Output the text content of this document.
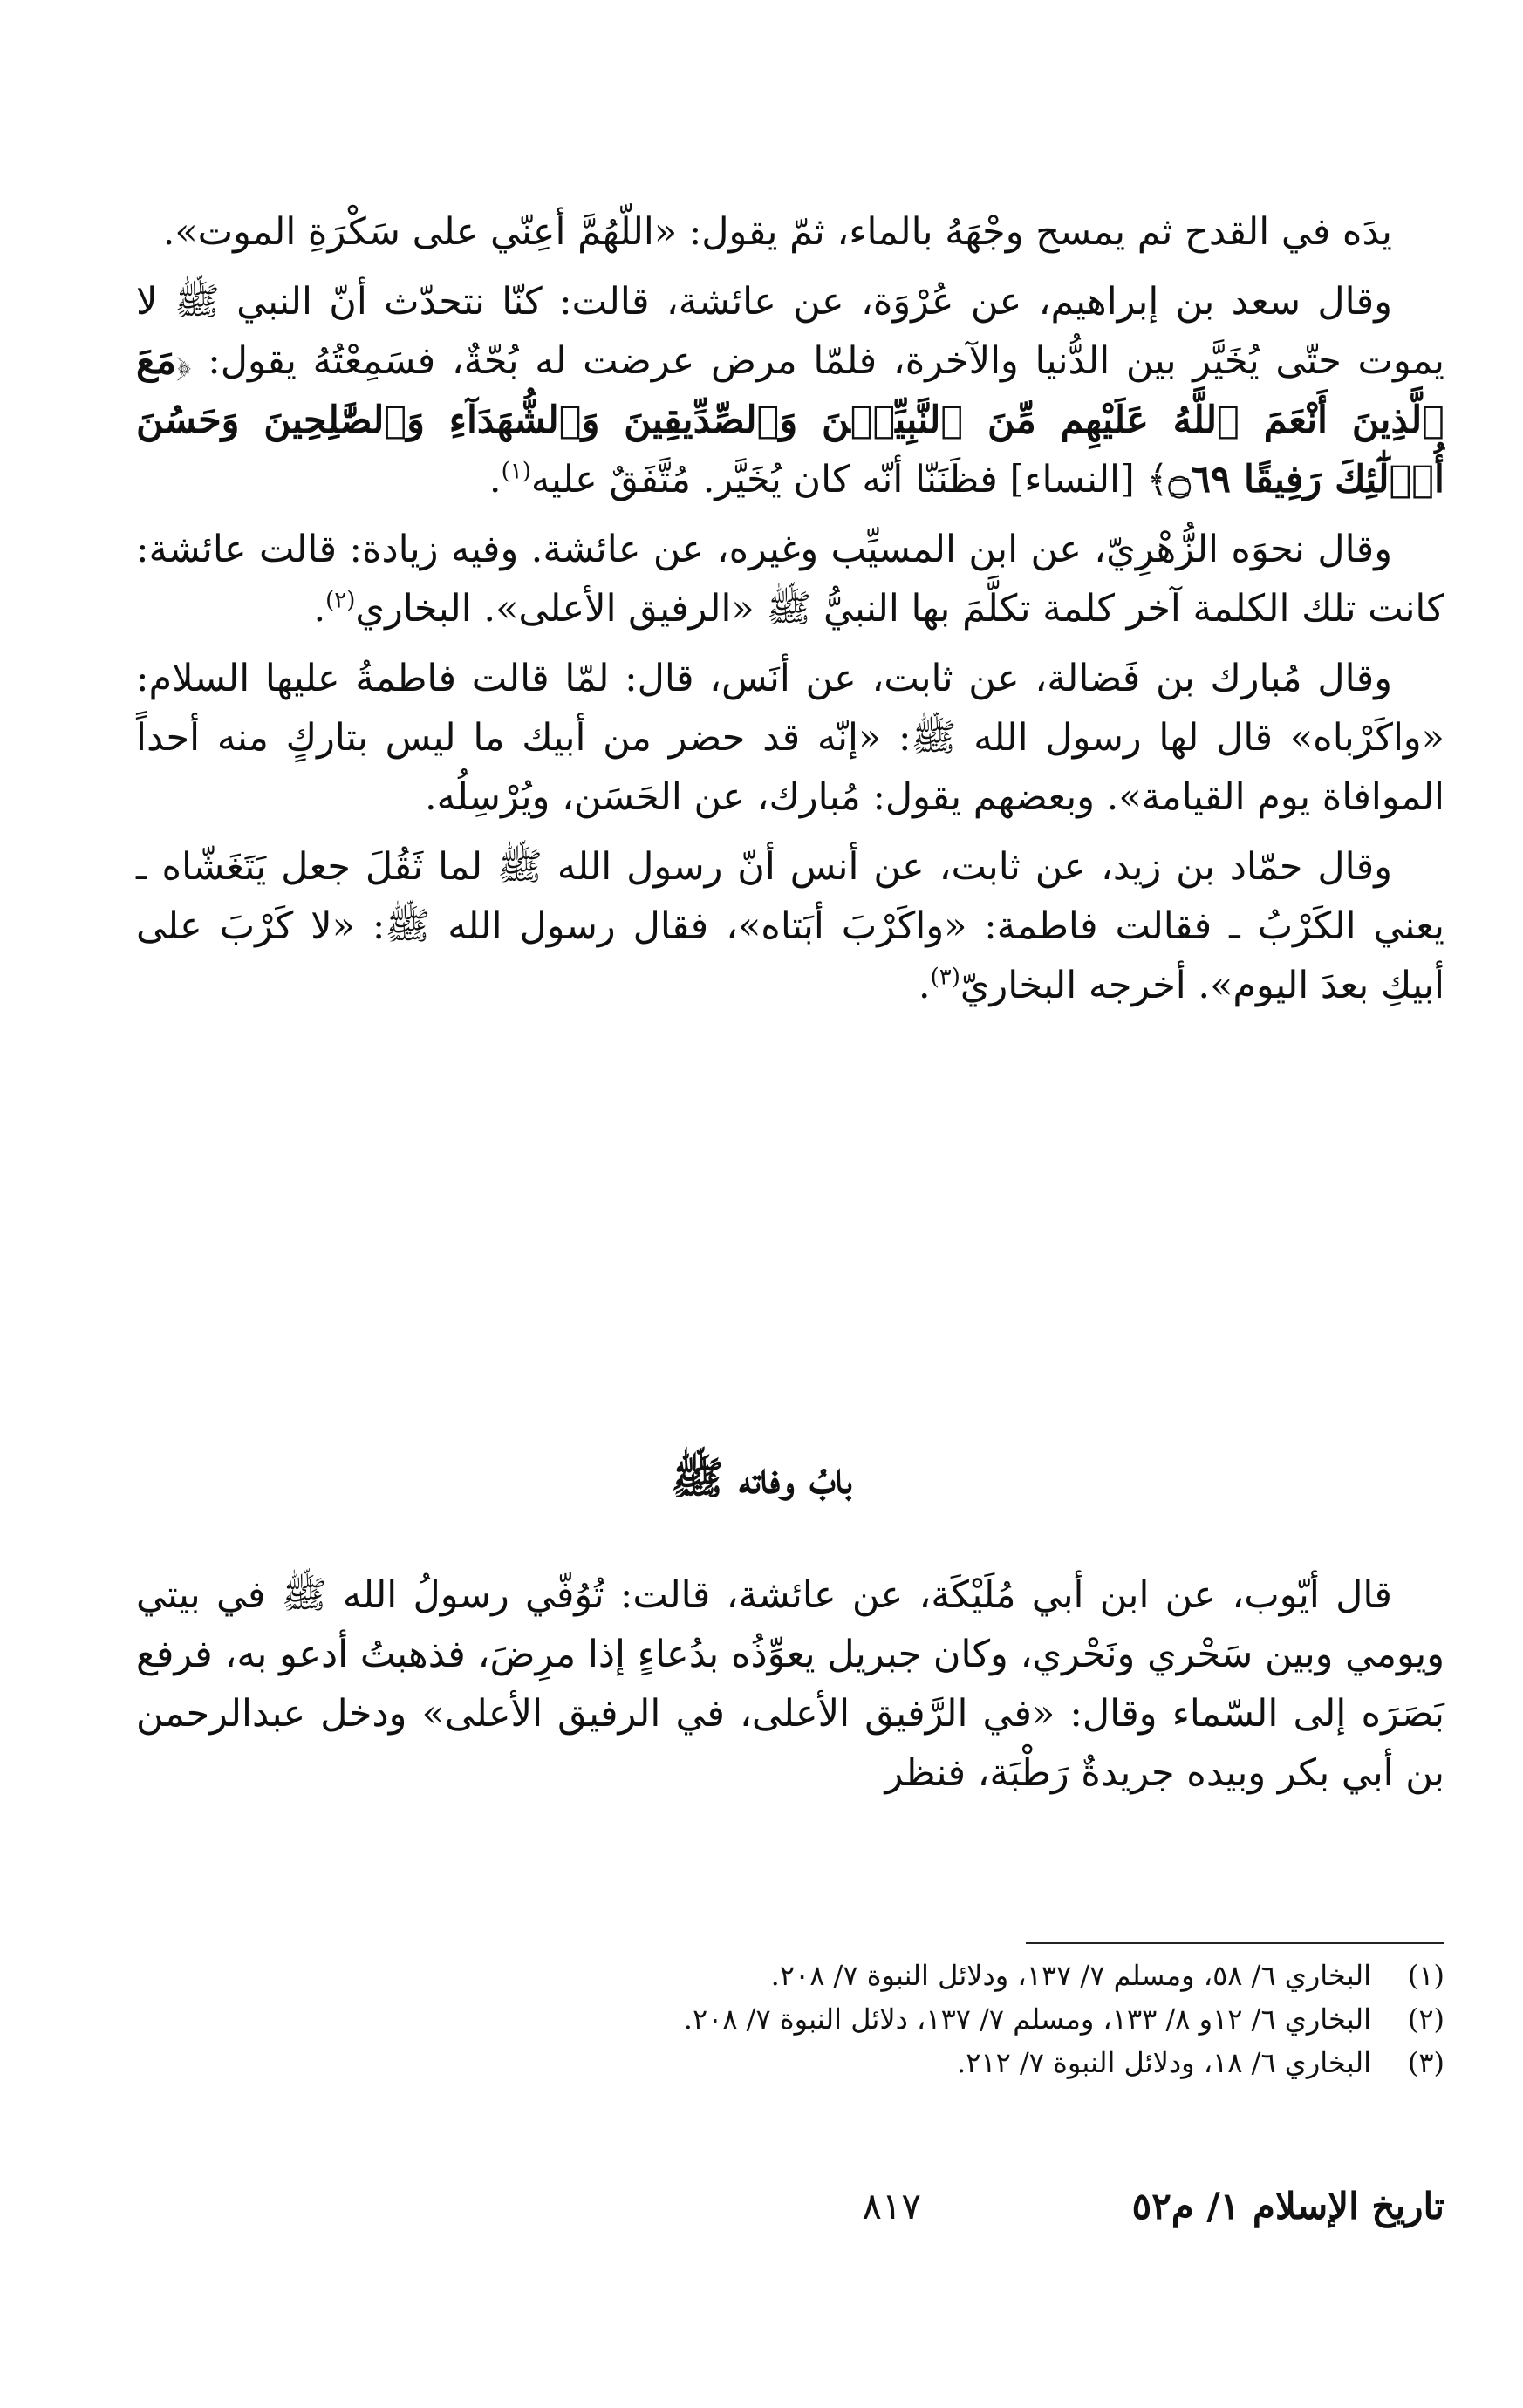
يدَه في القدح ثم يمسح وجْهَهُ بالماء، ثمّ يقول: «اللّهُمَّ أعِنّي على سَكْرَةِ الموت».

وقال سعد بن إبراهيم، عن عُرْوَة، عن عائشة، قالت: كنّا نتحدّث أنّ النبي ﷺ لا يموت حتّى يُخَيَّر بين الدُّنيا والآخرة، فلمّا مرض عرضت له بُحّةٌ، فسَمِعْتُهُ يقول: ﴿مَعَ ٱلَّذِينَ أَنْعَمَ ٱللَّهُ عَلَيْهِم مِّنَ ٱلنَّبِيِّـۧنَ وَٱلصِّدِّيقِينَ وَٱلشُّهَدَآءِ وَٱلصَّٰلِحِينَ وَحَسُنَ أُو۟لَٰٓئِكَ رَفِيقًا ۝٦٩﴾ [النساء] فظَنَنّا أنّه كان يُخَيَّر. مُتَّفَقٌ عليه$^{(١)}$.

وقال نحوَه الزُّهْرِيّ، عن ابن المسيِّب وغيره، عن عائشة. وفيه زيادة: قالت عائشة: كانت تلك الكلمة آخر كلمة تكلَّمَ بها النبيُّ ﷺ «الرفيق الأعلى». البخاري$^{(٢)}$.

وقال مُبارك بن فَضالة، عن ثابت، عن أنَس، قال: لمّا قالت فاطمةُ عليها السلام: «واكَرْباه» قال لها رسول الله ﷺ: «إنّه قد حضر من أبيك ما ليس بتاركٍ منه أحداً الموافاة يوم القيامة». وبعضهم يقول: مُبارك، عن الحَسَن، ويُرْسِلُه.

وقال حمّاد بن زيد، عن ثابت، عن أنس أنّ رسول الله ﷺ لما ثَقُلَ جعل يَتَغَشّاه ـ يعني الكَرْبُ ـ فقالت فاطمة: «واكَرْبَ أبَتاه»، فقال رسول الله ﷺ: «لا كَرْبَ على أبيكِ بعدَ اليوم». أخرجه البخاريّ$^{(٣)}$.

بابُ وفاته ﷺ

قال أيّوب، عن ابن أبي مُلَيْكَة، عن عائشة، قالت: تُوُفّي رسولُ الله ﷺ في بيتي ويومي وبين سَحْري ونَحْري، وكان جبريل يعوِّذُه بدُعاءٍ إذا مرِضَ، فذهبتُ أدعو به، فرفع بَصَرَه إلى السّماء وقال: «في الرَّفيق الأعلى، في الرفيق الأعلى» ودخل عبدالرحمن بن أبي بكر وبيده جريدةٌ رَطْبَة، فنظر

(١)
البخاري ٦/ ٥٨، ومسلم ٧/ ١٣٧، ودلائل النبوة ٧/ ٢٠٨.
(٢)
البخاري ٦/ ١٢و ٨/ ١٣٣، ومسلم ٧/ ١٣٧، دلائل النبوة ٧/ ٢٠٨.
(٣)
البخاري ٦/ ١٨، ودلائل النبوة ٧/ ٢١٢.
تاريخ الإسلام ١/ م٥٢
٨١٧
